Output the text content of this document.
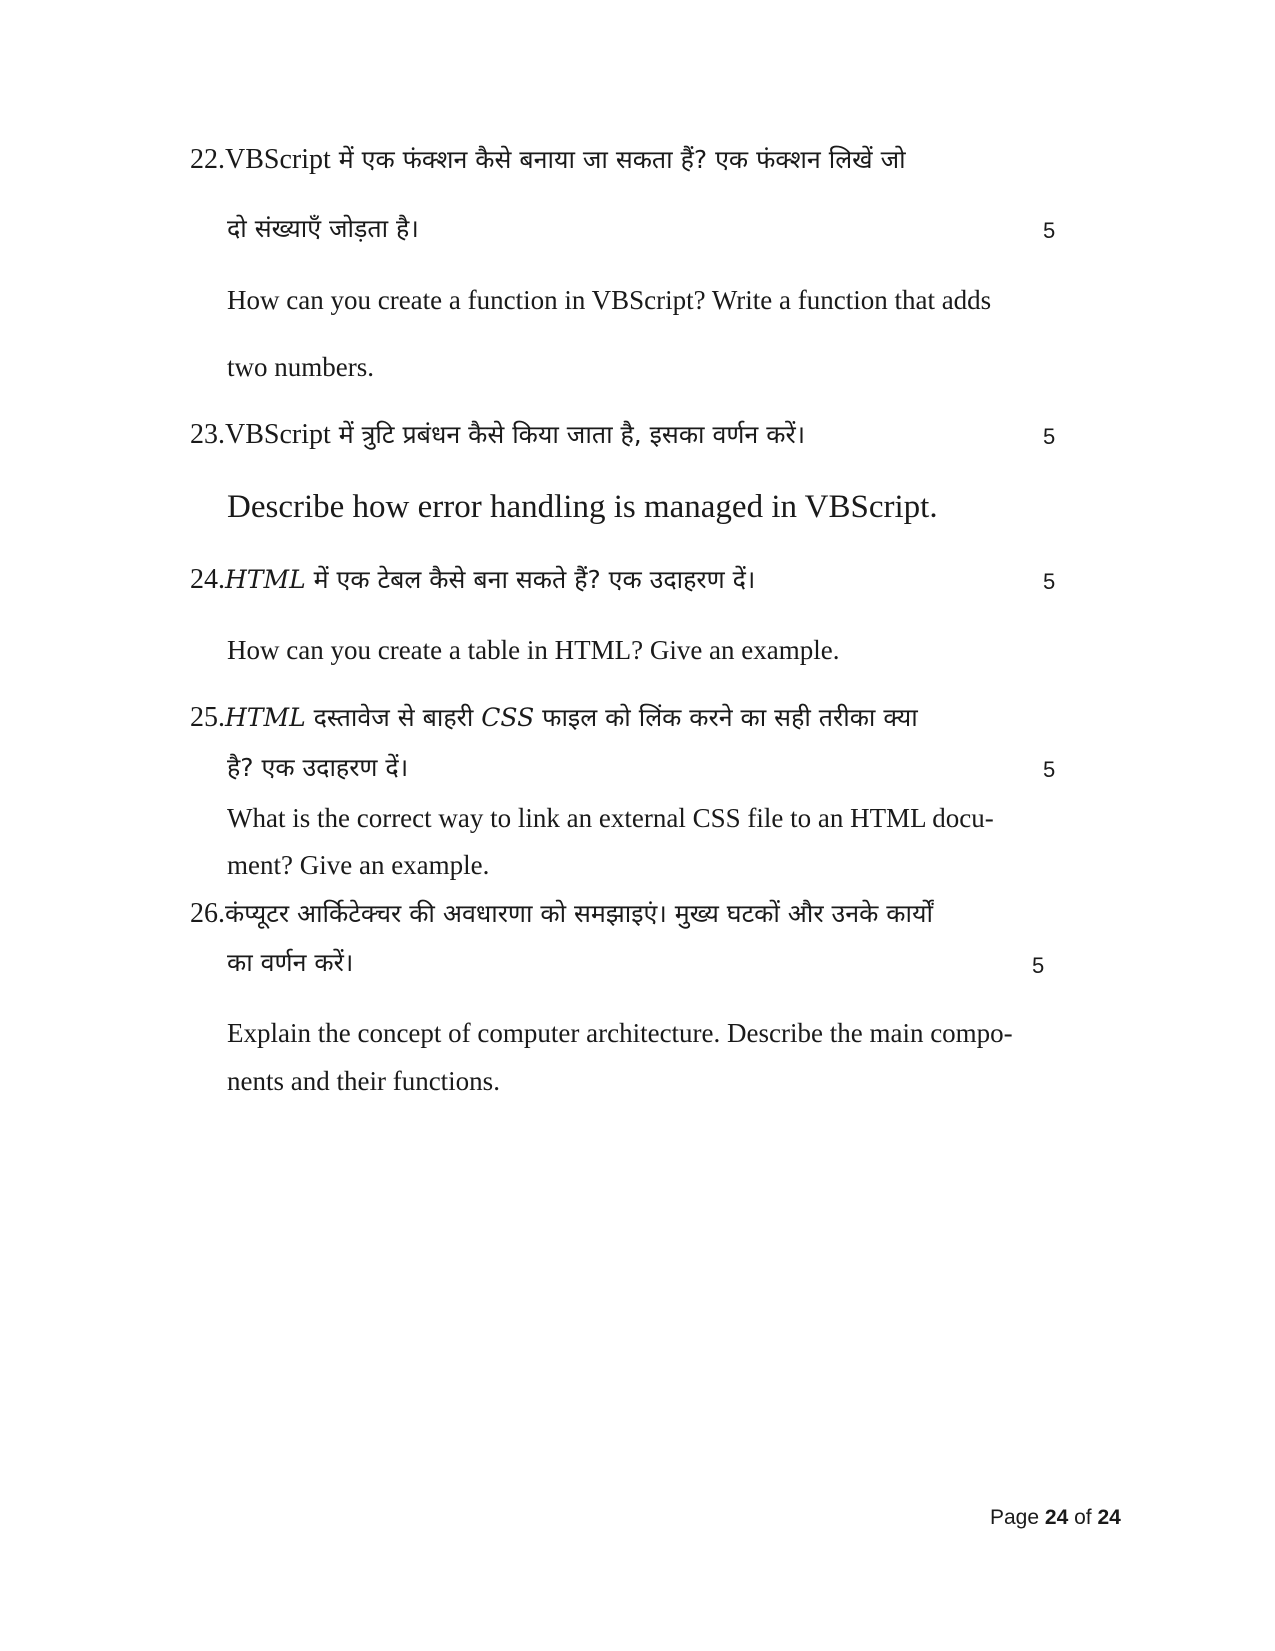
22.VBScript में एक फंक्शन कैसे बनाया जा सकता हैं? एक फंक्शन लिखें जो
दो संख्याएँ जोड़ता है।	5
How can you create a function in VBScript? Write a function that adds
two numbers.
23.VBScript में त्रुटि प्रबंधन कैसे किया जाता है, इसका वर्णन करें।	5
Describe how error handling is managed in VBScript.
24.HTML में एक टेबल कैसे बना सकते हैं? एक उदाहरण दें।	5
How can you create a table in HTML? Give an example.
25.HTML दस्तावेज से बाहरी CSS फाइल को लिंक करने का सही तरीका क्या
है? एक उदाहरण दें।	5
What is the correct way to link an external CSS file to an HTML docu-
ment? Give an example.
26.कंप्यूटर आर्किटेक्चर की अवधारणा को समझाइएं। मुख्य घटकों और उनके कार्यों
का वर्णन करें।	5
Explain the concept of computer architecture. Describe the main compo-
nents and their functions.
Page 24 of 24
